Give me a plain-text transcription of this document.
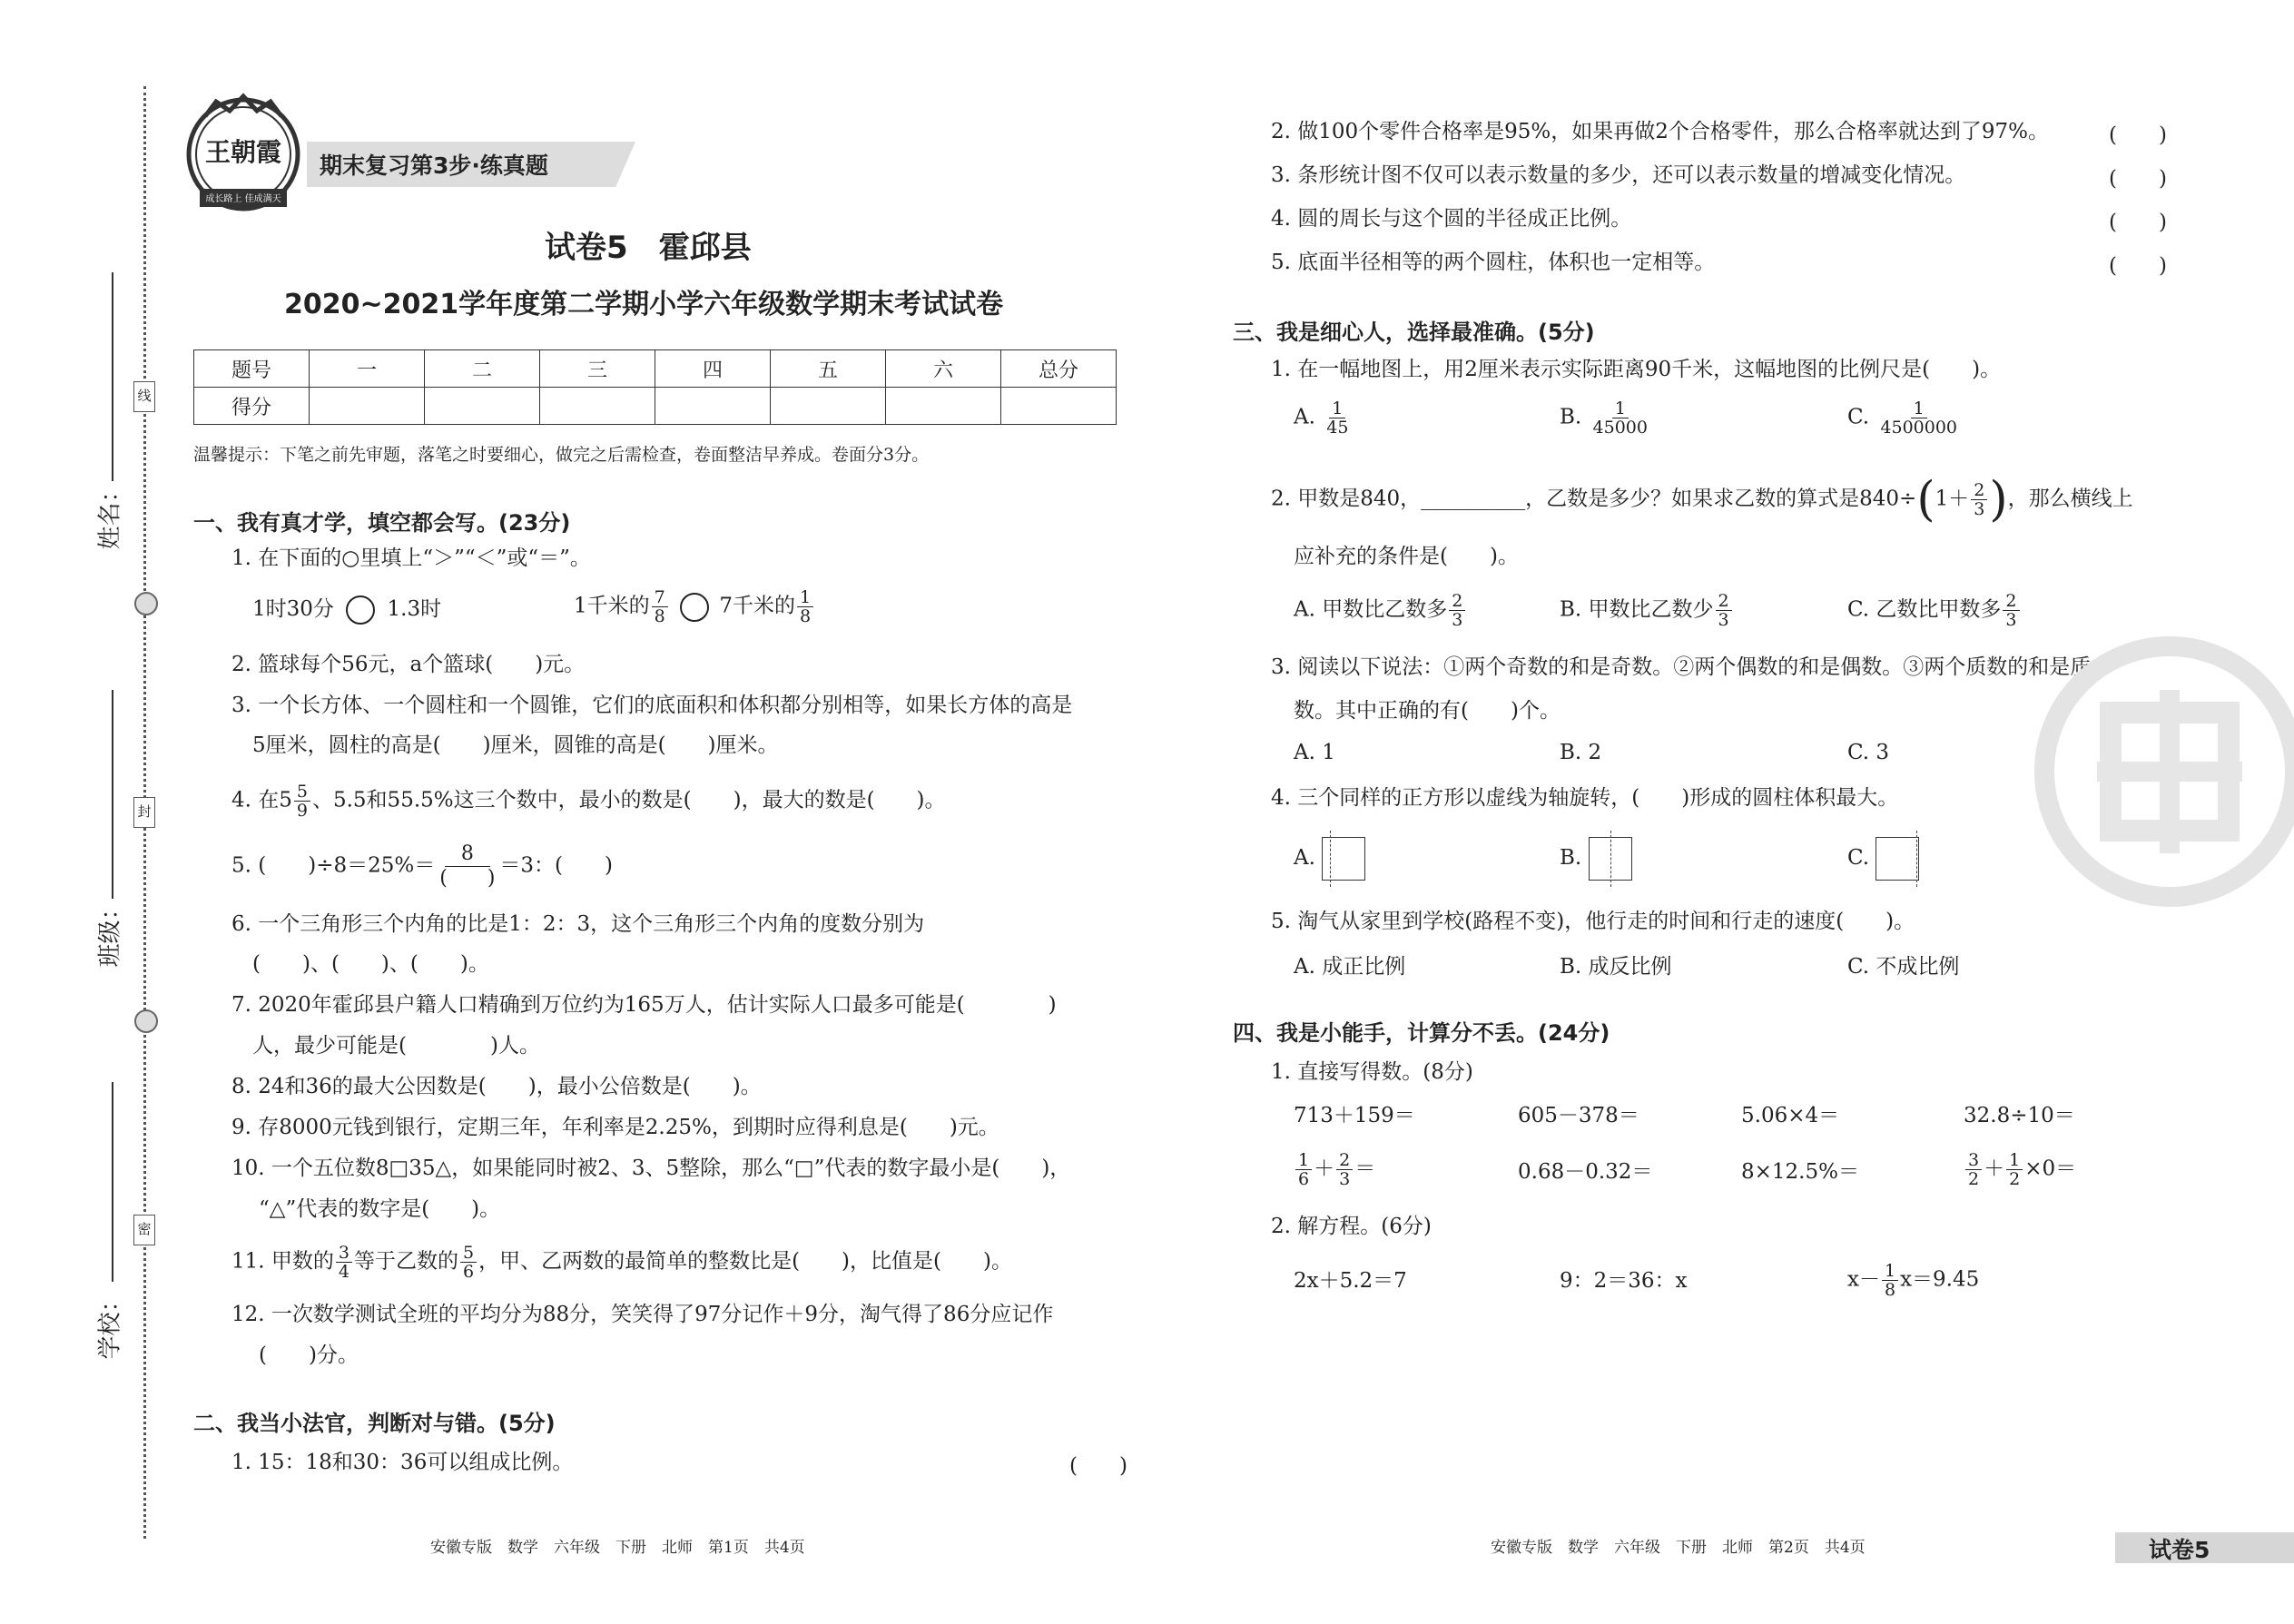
线
封
密
姓名：
班级：
学校：
王朝霞
成长路上 佳成满天
期末复习第3步·练真题
试卷5　霍邱县
2020~2021学年度第二学期小学六年级数学期末考试试卷
题号	一	二	三	四	五	六	总分
得分							
温馨提示：下笔之前先审题，落笔之时要细心，做完之后需检查，卷面整洁早养成。卷面分3分。
一、我有真才学，填空都会写。(23分)
1. 在下面的○里填上“＞”“＜”或“＝”。
1时30分	1.3时	1千米的 $\frac{7}{8} 7$千米的 $\frac{1}{8}$
2. 篮球每个56元，a个篮球(　　)元。
3. 一个长方体、一个圆柱和一个圆锥，它们的底面积和体积都分别相等，如果长方体的高是
5厘米，圆柱的高是(　　)厘米，圆锥的高是(　　)厘米。
4. 在$5 \frac{5}{9}$ 、5.5和55.5%这三个数中，最小的数是(　　)，最大的数是(　　)。
5. (　　)$\div 8=25\%= \frac{8}{( )} =3$：(　　)
6. 一个三角形三个内角的比是1：2：3，这个三角形三个内角的度数分别为
(　　)、(　　)、(　　)。
7. 2020年霍邱县户籍人口精确到万位约为165万人，估计实际人口最多可能是(　　　　)
人，最少可能是(　　　　)人。
8. 24和36的最大公因数是(　　)，最小公倍数是(　　)。
9. 存8000元钱到银行，定期三年，年利率是2.25%，到期时应得利息是(　　)元。
10. 一个五位数8□35△，如果能同时被2、3、5整除，那么“□”代表的数字最小是(　　)，
“△”代表的数字是(　　)。
11. 甲数的 $\frac{3}{4}$ 等于乙数的 $\frac{5}{6}$ ，甲、乙两数的最简单的整数比是(　　)，比值是(　　)。
12. 一次数学测试全班的平均分为88分，笑笑得了97分记作＋9分，淘气得了86分应记作
(　　)分。
二、我当小法官，判断对与错。(5分)
1. 15：18和30：36可以组成比例。	(　　)
2. 做100个零件合格率是95%，如果再做2个合格零件，那么合格率就达到了97%。	(　　)
3. 条形统计图不仅可以表示数量的多少，还可以表示数量的增减变化情况。	(　　)
4. 圆的周长与这个圆的半径成正比例。	(　　)
5. 底面半径相等的两个圆柱，体积也一定相等。	(　　)
三、我是细心人，选择最准确。(5分)
1. 在一幅地图上，用2厘米表示实际距离90千米，这幅地图的比例尺是(　　)。
A. $\frac{1}{45}$	B. $\frac{1}{45000}$	C. $\frac{1}{4500000}$
2. 甲数是840，__________，乙数是多少？如果求乙数的算式是$840\div(1+ \frac{2}{3}$ )，那么横线上
应补充的条件是(　　)。
A. 甲数比乙数多 $\frac{2}{3}$	B. 甲数比乙数少 $\frac{2}{3}$	C. 乙数比甲数多 $\frac{2}{3}$
3. 阅读以下说法：①两个奇数的和是奇数。②两个偶数的和是偶数。③两个质数的和是质
数。其中正确的有(　　)个。
A. 1	B. 2	C. 3
4. 三个同样的正方形以虚线为轴旋转，(　　)形成的圆柱体积最大。
A.	B.	C.
5. 淘气从家里到学校(路程不变)，他行走的时间和行走的速度(　　)。
A. 成正比例	B. 成反比例	C. 不成比例
四、我是小能手，计算分不丢。(24分)
1. 直接写得数。(8分)
713＋159＝	605－378＝	5.06×4＝	32.8÷10＝
$\frac{1}{6} + \frac{2}{3}$ ＝	0.68－0.32＝	8×12.5%＝	$\frac{3}{2} + \frac{1}{2} \times 0=$
2. 解方程。(6分)
2x＋5.2＝7	9：2＝36：x	$x- \frac{1}{8} x=9.45$
安徽专版　数学　六年级　下册　北师　第1页　共4页	安徽专版　数学　六年级　下册　北师　第2页　共4页	试卷5
